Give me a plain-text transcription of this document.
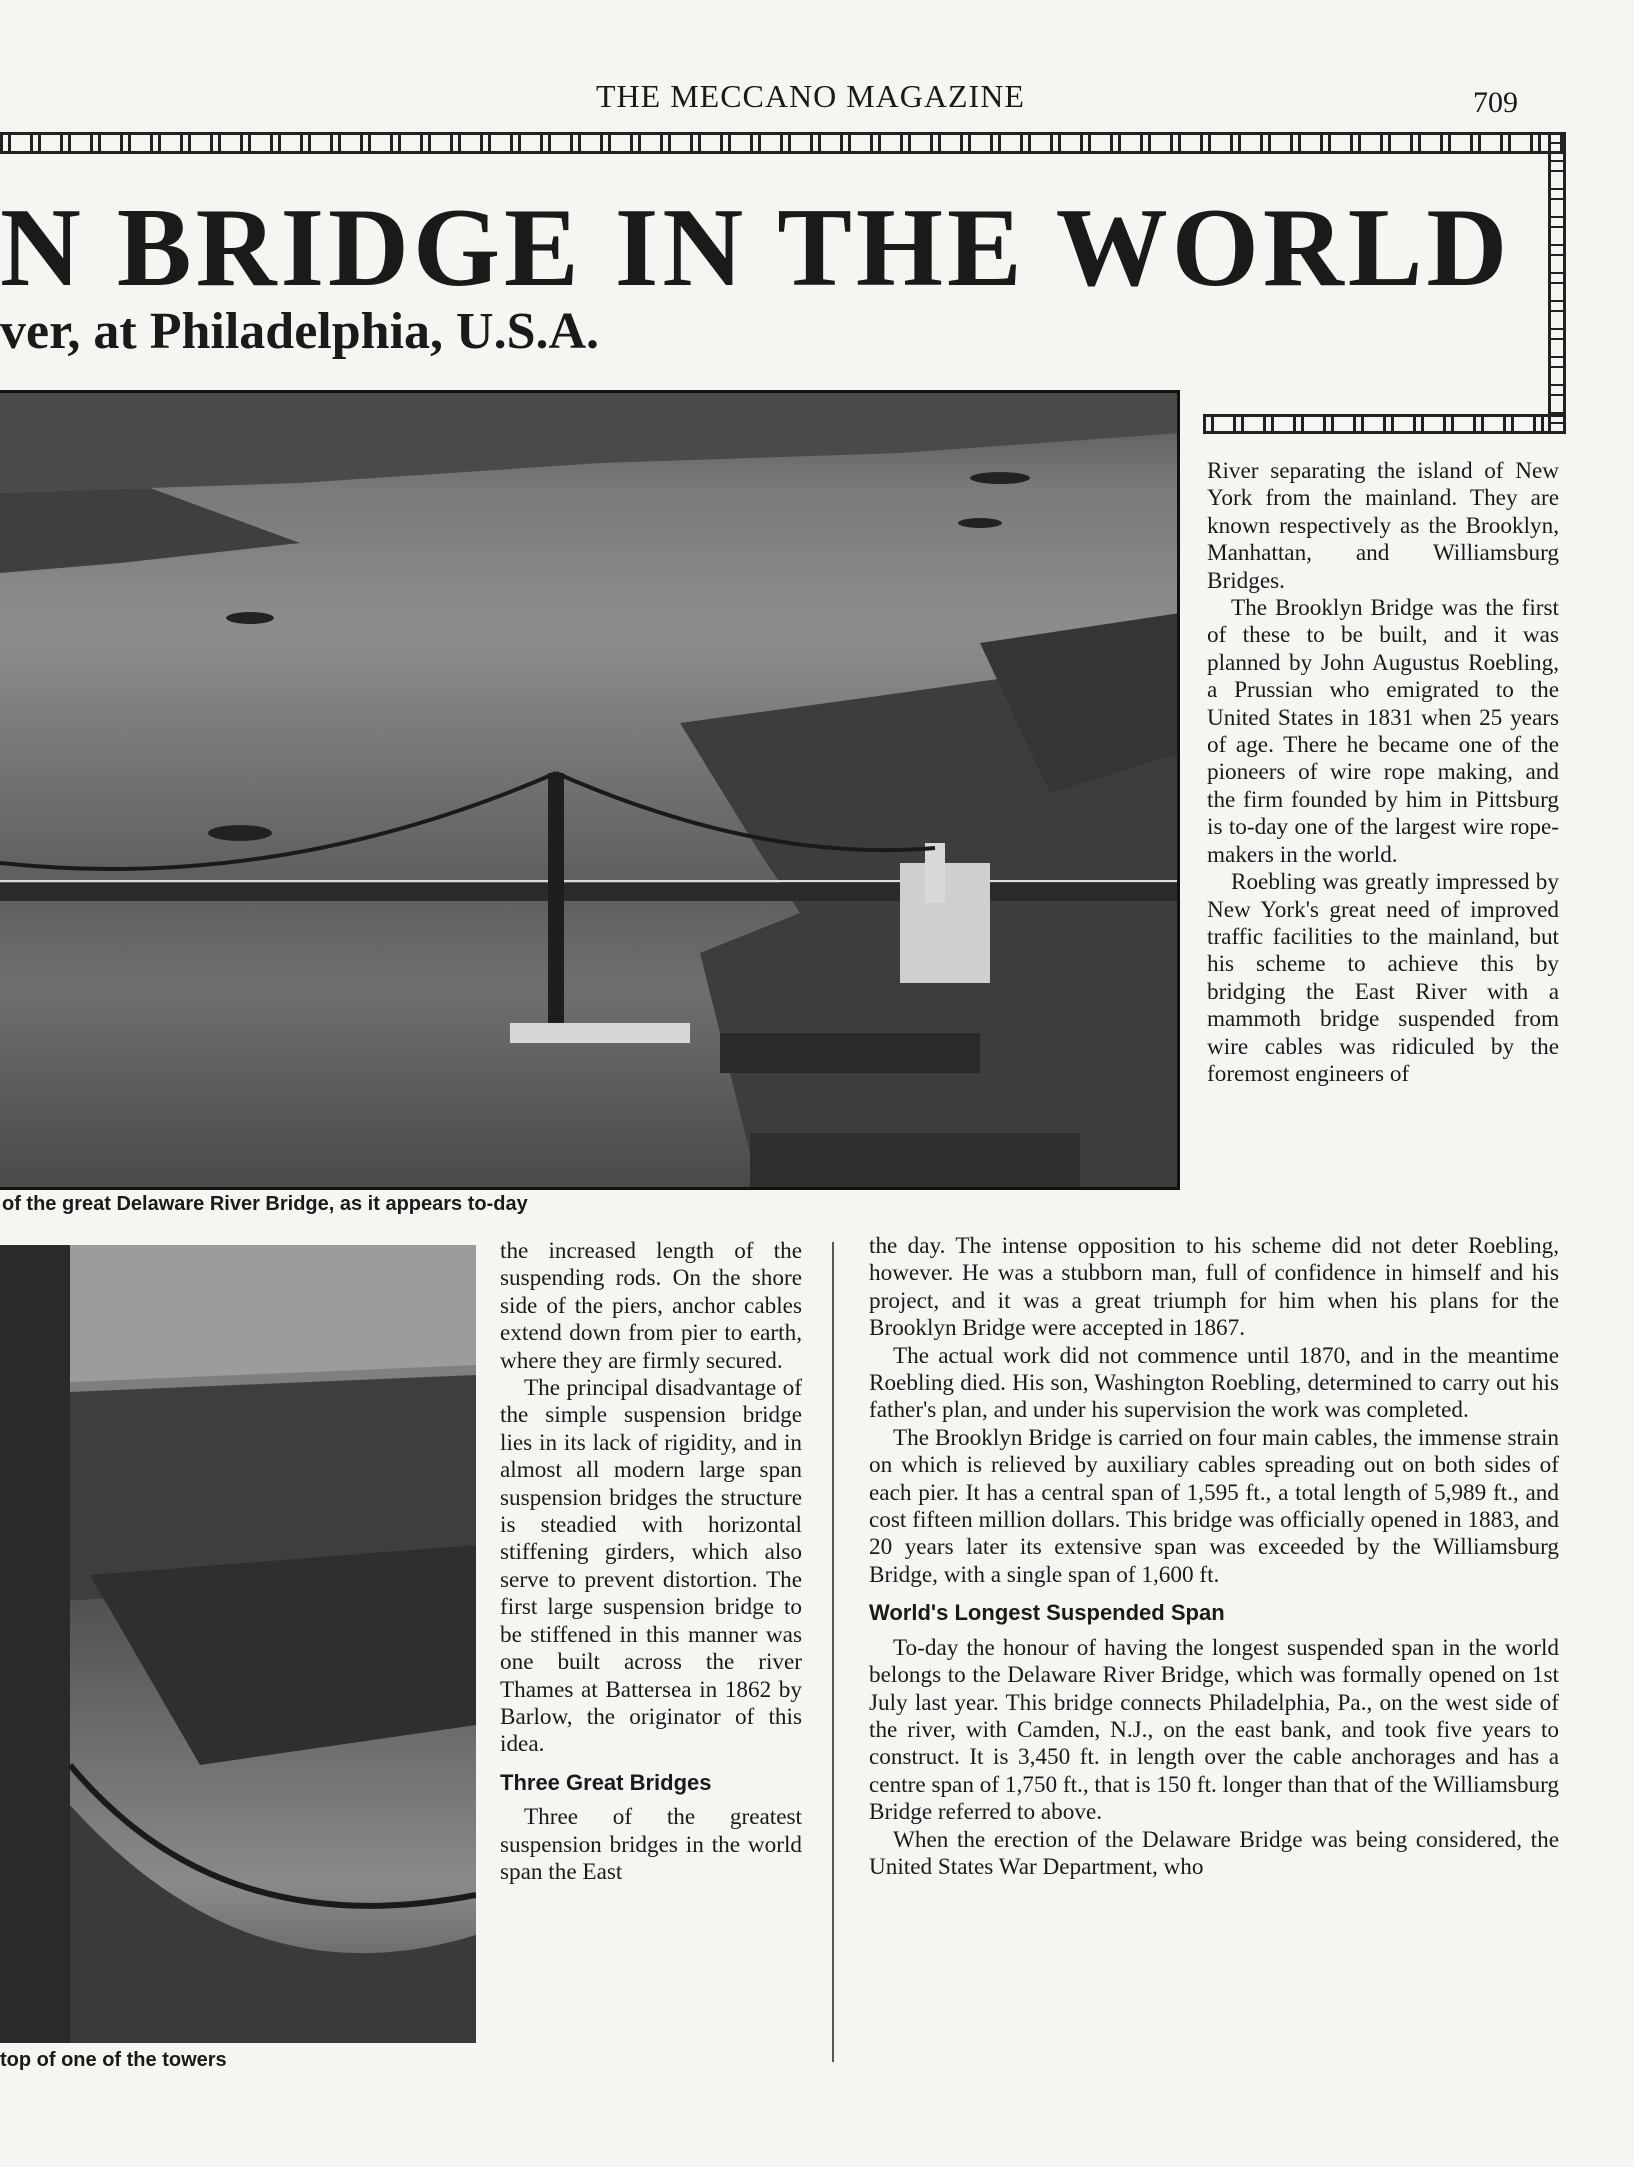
THE MECCANO MAGAZINE	709
N BRIDGE IN THE WORLD
ver, at Philadelphia, U.S.A.
of the great Delaware River Bridge, as it appears to-day
top of one of the towers

River separating the island of New York from the mainland. They are known respectively as the Brooklyn, Manhattan, and Williamsburg Bridges.

The Brooklyn Bridge was the first of these to be built, and it was planned by John Augustus Roebling, a Prussian who emigrated to the United States in 1831 when 25 years of age. There he became one of the pioneers of wire rope making, and the firm founded by him in Pittsburg is to-day one of the largest wire rope-makers in the world.

Roebling was greatly impressed by New York's great need of improved traffic facilities to the mainland, but his scheme to achieve this by bridging the East River with a mammoth bridge suspended from wire cables was ridiculed by the foremost engineers of

the increased length of the suspending rods. On the shore side of the piers, anchor cables extend down from pier to earth, where they are firmly secured.

The principal disadvantage of the simple suspension bridge lies in its lack of rigidity, and in almost all modern large span suspension bridges the structure is steadied with horizontal stiffening girders, which also serve to prevent distortion. The first large suspension bridge to be stiffened in this manner was one built across the river Thames at Battersea in 1862 by Barlow, the originator of this idea.

Three Great Bridges

Three of the greatest suspension bridges in the world span the East

the day. The intense opposition to his scheme did not deter Roebling, however. He was a stubborn man, full of confidence in himself and his project, and it was a great triumph for him when his plans for the Brooklyn Bridge were accepted in 1867.

The actual work did not commence until 1870, and in the meantime Roebling died. His son, Washington Roebling, determined to carry out his father's plan, and under his supervision the work was completed.

The Brooklyn Bridge is carried on four main cables, the immense strain on which is relieved by auxiliary cables spreading out on both sides of each pier. It has a central span of 1,595 ft., a total length of 5,989 ft., and cost fifteen million dollars. This bridge was officially opened in 1883, and 20 years later its extensive span was exceeded by the Williamsburg Bridge, with a single span of 1,600 ft.

World's Longest Suspended Span

To-day the honour of having the longest suspended span in the world belongs to the Delaware River Bridge, which was formally opened on 1st July last year. This bridge connects Philadelphia, Pa., on the west side of the river, with Camden, N.J., on the east bank, and took five years to construct. It is 3,450 ft. in length over the cable anchorages and has a centre span of 1,750 ft., that is 150 ft. longer than that of the Williamsburg Bridge referred to above.

When the erection of the Delaware Bridge was being considered, the United States War Department, who
